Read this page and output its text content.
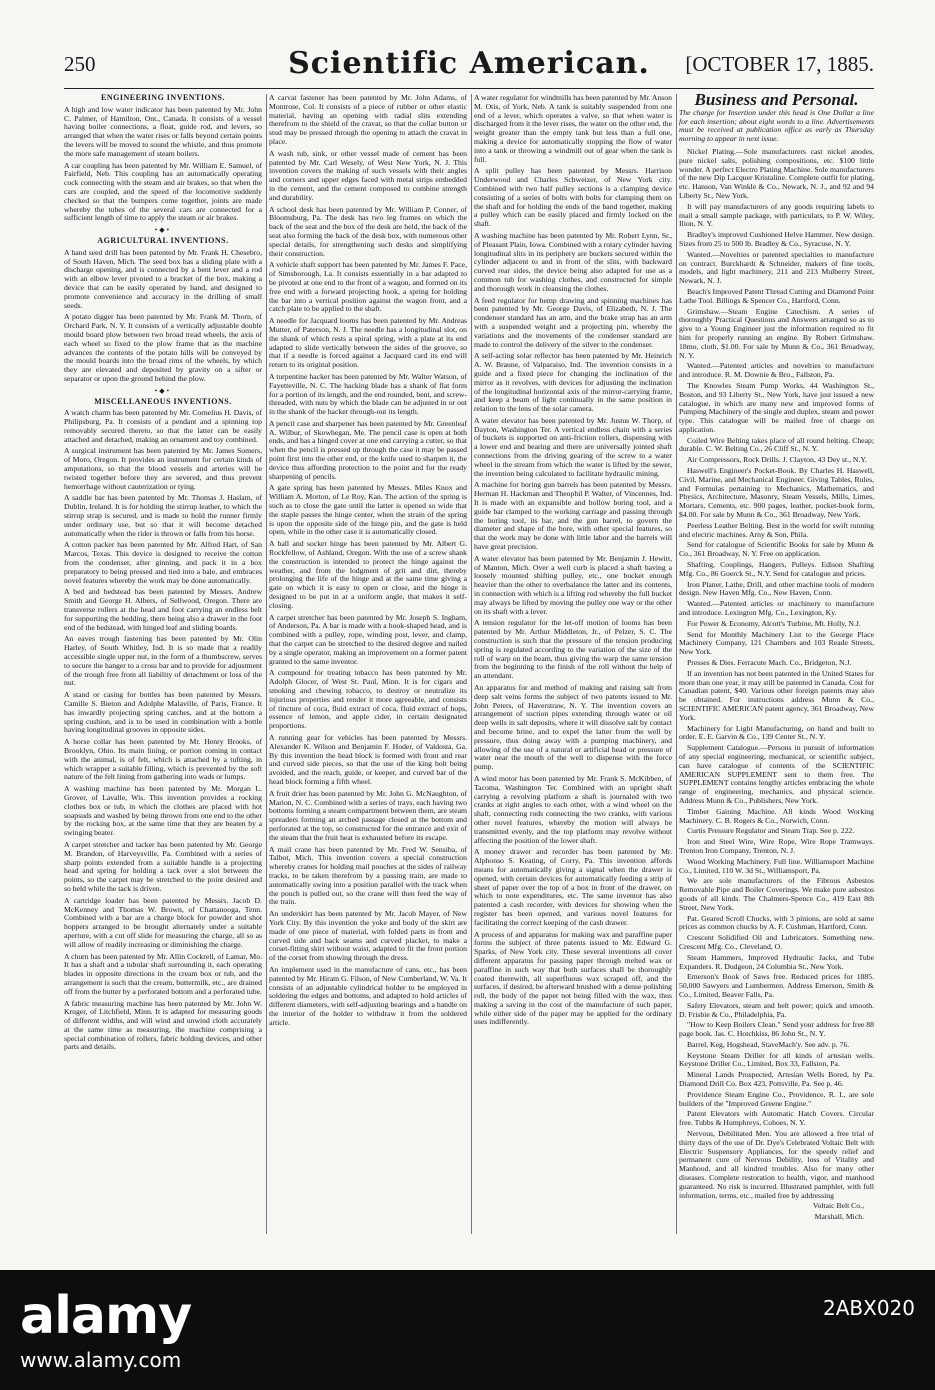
250	Scientific American.	[OCTOBER 17, 1885.
ENGINEERING INVENTIONS.

A high and low water indicator has been patented by Mr. John C. Palmer, of Hamilton, Ont., Canada. It consists of a vessel having boiler connections, a float, guide rod, and levers, so arranged that when the water rises or falls beyond certain points the levers will be moved to sound the whistle, and thus promote the more safe management of steam boilers.

A car coupling has been patented by Mr. William E. Samuel, of Fairfield, Neb. This coupling has an automatically operating cock connecting with the steam and air brakes, so that when the cars are coupled, and the speed of the locomotive suddenly checked so that the bumpers come together, joints are made whereby the tubes of the several cars are connected for a sufficient length of time to apply the steam or air brakes.

•◆•
AGRICULTURAL INVENTIONS.

A hand seed drill has been patented by Mr. Frank H. Chesebro, of South Haven, Mich. The seed box has a sliding plate with a discharge opening, and is connected by a bent lever and a rod with an elbow lever pivoted to a bracket of the box, making a device that can be easily operated by hand, and designed to promote convenience and accuracy in the drilling of small seeds.

A potato digger has been patented by Mr. Frank M. Thorn, of Orchard Park, N. Y. It consists of a vertically adjustable double mould board plow between two broad tread wheels, the axis of each wheel so fixed to the plow frame that as the machine advances the contents of the potato hills will be conveyed by the mould boards into the broad rims of the wheels, by which they are elevated and deposited by gravity on a sifter or separator or upon the ground behind the plow.

•◆•
MISCELLANEOUS INVENTIONS.

A watch charm has been patented by Mr. Cornelius H. Davis, of Philipsburg, Pa. It consists of a pendant and a spinning top removably secured thereto, so that the latter can be easily attached and detached, making an ornament and toy combined.

A surgical instrument has been patented by Mr. James Somers, of Moro, Oregon. It provides an instrument for certain kinds of amputations, so that the blood vessels and arteries will be twisted together before they are severed, and thus prevent hemorrhage without cauterization or tying.

A saddle bar has been patented by Mr. Thomas J. Haslam, of Dublin, Ireland. It is for holding the stirrup leather, to which the stirrup strap is secured, and is made to hold the runner firmly under ordinary use, but so that it will become detached automatically when the rider is thrown or falls from his horse.

A cotton packer has been patented by Mr. Alfred Hart, of San Marcos, Texas. This device is designed to receive the cotton from the condenser, after ginning, and pack it in a box preparatory to being pressed and tied into a bale, and embraces novel features whereby the work may be done automatically.

A bed and bedstead has been patented by Messrs. Andrew Smith and George H. Albers, of Sellwood, Oregon. There are transverse rollers at the head and foot carrying an endless belt for supporting the bedding, there being also a drawer in the foot end of the bedstead, with hinged leaf and sliding boards.

An eaves trough fastening has been patented by Mr. Olin Harley, of South Whitley, Ind. It is so made that a readily accessible single upper nut, in the form of a thumbscrew, serves to secure the hanger to a cross bar and to provide for adjustment of the trough free from all liability of detachment or loss of the nut.

A stand or casing for bottles has been patented by Messrs. Camille S. Bieton and Adolphe Malaville, of Paris, France. It has inwardly projecting spring catches, and at the bottom a spring cushion, and is to be used in combination with a bottle having longitudinal grooves in opposite sides.

A horse collar has been patented by Mr. Henry Brooks, of Brooklyn, Ohio. Its main lining, or portion coming in contact with the animal, is of felt, which is attached by a tufting, in which wrapper a suitable filling, which is prevented by the soft nature of the felt lining from gathering into wads or lumps.

A washing machine has been patented by Mr. Morgan L. Grover, of Lavalle, Wis. This invention provides a rocking clothes box or tub, in which the clothes are placed with hot soapsuds and washed by being thrown from one end to the other by the rocking box, at the same time that they are beaten by a swinging beater.

A carpet stretcher and tacker has been patented by Mr. George M. Brandon, of Harveysville, Pa. Combined with a series of sharp points extended from a suitable handle is a projecting head and spring for holding a tack over a slot between the points, so the carpet may be stretched to the point desired and so held while the tack is driven.

A cartridge loader has been patented by Messrs. Jacob D. McKenney and Thomas W. Brown, of Chattanooga, Tenn. Combined with a bar are a charge block for powder and shot hoppers arranged to be brought alternately under a suitable aperture, with a cut off slide for measuring the charge, all so as will allow of readily increasing or diminishing the charge.

A churn has been patented by Mr. Allin Cockrell, of Lamar, Mo. It has a shaft and a tubular shaft surrounding it, each operating blades in opposite directions in the cream box or tub, and the arrangement is such that the cream, buttermilk, etc., are drained off from the butter by a perforated bottom and a perforated tube.

A fabric measuring machine has been patented by Mr. John W. Kruger, of Litchfield, Minn. It is adapted for measuring goods of different widths, and will wind and unwind cloth accurately at the same time as measuring, the machine comprising a special combination of rollers, fabric holding devices, and other parts and details.

A carvat fastener has been patented by Mr. John Adams, of Montrose, Col. It consists of a piece of rubber or other elastic material, having an opening with radial slits extending therefrom to the shield of the cravat, so that the collar button or stud may be pressed through the opening to attach the cravat in place.

A wash tub, sink, or other vessel made of cement has been patented by Mr. Carl Wesely, of West New York, N. J. This invention covers the making of such vessels with their angles and corners and upper edges faced with metal strips embedded in the cement, and the cement composed to combine strength and durability.

A school desk has been patented by Mr. William P. Conner, of Bloomsburg, Pa. The desk has two leg frames on which the back of the seat and the box of the desk are held, the back of the seat also forming the back of the desk box, with numerous other special details, for strengthening such desks and simplifying their construction.

A vehicle shaft support has been patented by Mr. James F. Pace, of Simsborough, La. It consists essentially in a bar adapted to be pivoted at one end to the front of a wagon, and formed on its free end with a forward projecting hook, a spring for holding the bar into a vertical position against the wagon front, and a catch plate to be applied to the shaft.

A needle for Jacquard looms has been patented by Mr. Andreas Mutter, of Paterson, N. J. The needle has a longitudinal slot, on the shank of which rests a spiral spring, with a plate at its end adapted to slide vertically between the sides of the groove, so that if a needle is forced against a Jacquard card its end will return to its original position.

A turpentine hacker has been patented by Mr. Walter Watson, of Fayetteville, N. C. The hacking blade has a shank of flat form for a portion of its length, and the end rounded, bent, and screw-threaded, with nuts by which the blade can be adjusted in or out in the shank of the hacker through-out its length.

A pencil case and sharpener has been patented by Mr. Greenleaf A. Wilbur, of Skowhegan, Me. The pencil case is open at both ends, and has a hinged cover at one end carrying a cutter, so that when the pencil is pressed up through the case it may be passed point first into the other end, or the knife used to sharpen it, the device thus affording protection to the point and for the ready sharpening of pencils.

A gate spring has been patented by Messrs. Miles Knox and William A. Morton, of Le Roy, Kan. The action of the spring is such as to close the gate until the latter is opened so wide that the staple passes the hinge center, when the strain of the spring is upon the opposite side of the hinge pin, and the gate is held open, while in the other case it is automatically closed.

A ball and socket hinge has been patented by Mr. Albert G. Rockfellow, of Ashland, Oregon. With the use of a screw shank the construction is intended to protect the hinge against the weather, and from the lodgment of grit and dirt, thereby prolonging the life of the hinge and at the same time giving a gate on which it is easy to open or close, and the hinge is designed to be put in at a uniform angle, that makes it self-closing.

A carpet stretcher has been patented by Mr. Joseph S. Ingham, of Anderson, Pa. A bar is made with a hook-shaped head, and is combined with a pulley, rope, winding post, lever, and clamp, that the carpet can be stretched to the desired degree and nailed by a single operator, making an improvement on a former patent granted to the same inventor.

A compound for treating tobacco has been patented by Mr. Adolph Glocer, of West St. Paul, Minn. It is for cigars and smoking and chewing tobacco, to destroy or neutralize its injurious properties and render it more agreeable, and consists of tincture of coca, fluid extract of coca, fluid extract of hops, essence of lemon, and apple cider, in certain designated proportions.

A running gear for vehicles has been patented by Messrs. Alexander K. Wilson and Benjamin F. Hoder, of Valdosta, Ga. By this invention the head block is formed with front and rear and curved side pieces, so that the use of the king bolt being avoided, and the reach, guide, or keeper, and curved bar of the head block forming a fifth wheel.

A fruit drier has been patented by Mr. John G. McNaughton, of Marion, N. C. Combined with a series of trays, each having two bottoms forming a steam compartment between them, are steam spreaders forming an arched passage closed at the bottom and perforated at the top, so constructed for the entrance and exit of the steam that the fruit heat is exhausted before its escape.

A mail crane has been patented by Mr. Fred W. Sensiba, of Talbot, Mich. This invention covers a special construction whereby cranes for holding mail pouches at the sides of railway tracks, to be taken therefrom by a passing train, are made to automatically swing into a position parallel with the track when the pouch is pulled out, so the crane will then feed the way of the train.

An underskirt has been patented by Mr. Jacob Mayer, of New York City. By this invention the yoke and body of the skirt are made of one piece of material, with folded parts in front and curved side and back seams and curved placket, to make a corset-fitting skirt without waist, adapted to fit the front portion of the corset from showing through the dress.

An implement used in the manufacture of cans, etc., has been patented by Mr. Hiram G. Filson, of New Cumberland, W. Va. It consists of an adjustable cylindrical holder to be employed in soldering the edges and bottoms, and adapted to hold articles of different diameters, with self-adjusting bearings and a handle on the interior of the holder to withdraw it from the soldered article.

A water regulator for windmills has been patented by Mr. Anson M. Otis, of York, Neb. A tank is suitably suspended from one end of a lever, which operates a valve, so that when water is discharged from it the lever rises, the water on the other end, the weight greater than the empty tank but less than a full one, making a device for automatically stopping the flow of water into a tank or throwing a windmill out of gear when the tank is full.

A split pulley has been patented by Messrs. Harrison Underwood and Charles Schweizer, of New York city. Combined with two half pulley sections is a clamping device consisting of a series of bolts with bolts for clamping them on the shaft and for holding the ends of the band together, making a pulley which can be easily placed and firmly locked on the shaft.

A washing machine has been patented by Mr. Robert Lynn, Sr., of Pleasant Plain, Iowa. Combined with a rotary cylinder having longitudinal slits in its periphery are buckets secured within the cylinder adjacent to and in front of the slits, with backward curved rear sides, the device being also adapted for use as a common tub for washing clothes, and constructed for simple and thorough work in cleansing the clothes.

A feed regulator for hemp drawing and spinning machines has been patented by Mr. George Davis, of Elizabeth, N. J. The condenser standard has an arm, and the brake strap has an arm with a suspended weight and a projecting pin, whereby the variations and the movements of the condenser standard are made to control the delivery of the silver to the condenser.

A self-acting solar reflector has been patented by Mr. Heinrich A. W. Braune, of Valparaiso, Ind. The invention consists in a guide and a fixed piece for changing the inclination of the mirror as it revolves, with devices for adjusting the inclination of the longitudinal horizontal axis of the mirror-carrying frame, and keep a beam of light continually in the same position in relation to the lens of the solar camera.

A water elevator has been patented by Mr. Justus W. Thorp, of Dayton, Washington Ter. A vertical endless chain with a series of buckets is supported on anti-friction rollers, dispensing with a lower end and bearing and there are universally jointed shaft connections from the driving gearing of the screw to a water wheel in the stream from which the water is lifted by the sewer, the invention being calculated to facilitate hydraulic mining.

A machine for boring gun barrels has been patented by Messrs. Herman H. Hackman and Theophil P. Walter, of Vincennes, Ind. It is made with an expansible and hollow boring tool, and a guide bar clamped to the working carriage and passing through the boring tool, its bar, and the gun barrel, to govern the diameter and shape of the bore, with other special features, so that the work may be done with little labor and the barrels will have great precision.

A water elevator has been patented by Mr. Benjamin J. Hewitt, of Manton, Mich. Over a well curb is placed a shaft having a loosely mounted shifting pulley, etc., one bucket enough heavier than the other to overbalance the latter and its contents, in connection with which is a lifting rod whereby the full bucket may always be lifted by moving the pulley one way or the other on its shaft with a lever.

A tension regulator for the let-off motion of looms has been patented by Mr. Arthur Middleton, Jr., of Pelzer, S. C. The construction is such that the pressure of the tension producing spring is regulated according to the variation of the size of the roll of warp on the beam, thus giving the warp the same tension from the beginning to the finish of the roll without the help of an attendant.

An apparatus for and method of making and raising salt from deep salt veins forms the subject of two patents issued to Mr. John Peters, of Haverstraw, N. Y. The invention covers an arrangement of suction pipes extending through water or oil deep wells in salt deposits, where it will dissolve salt by contact and become brine, and to expel the latter from the well by pressure, thus doing away with a pumping machinery, and allowing of the use of a natural or artificial head or pressure of water near the mouth of the well to dispense with the force pump.

A wind motor has been patented by Mr. Frank S. McKibben, of Tacoma, Washington Ter. Combined with an upright shaft carrying a revolving platform a shaft is journaled with two cranks at right angles to each other, with a wind wheel on the shaft, connecting rods connecting the two cranks, with various other novel features, whereby the motion will always be transmitted evenly, and the top platform may revolve without affecting the position of the lower shaft.

A money drawer and recorder has been patented by Mr. Alphonso S. Keating, of Corry, Pa. This invention affords means for automatically giving a signal when the drawer is opened, with certain devices for automatically feeding a strip of sheet of paper over the top of a box in front of the drawer, on which to note expenditures, etc. The same inventor has also patented a cash recorder, with devices for showing when the register has been opened, and various novel features for facilitating the correct keeping of the cash drawer.

A process of and apparatus for making wax and paraffine paper forms the subject of three patents issued to Mr. Edward G. Sparks, of New York city. These several inventions all cover different apparatus for passing paper through melted wax or paraffine in such way that both surfaces shall be thoroughly coated therewith, all superfluous wax scraped off, and the surfaces, if desired, be afterward brushed with a dense polishing roll, the body of the paper not being filled with the wax, thus making a saving in the cost of the manufacture of such paper, while either side of the paper may be applied for the ordinary uses indifferently.

Business and Personal.

The charge for Insertion under this head is One Dollar a line for each insertion; about eight words to a line. Advertisements must be received at publication office as early as Thursday morning to appear in next issue.

Nickel Plating.—Sole manufacturers cast nickel anodes, pure nickel salts, polishing compositions, etc. $100 little wonder. A perfect Electro Plating Machine. Sole manufacturers of the new Dip Lacquer Kristaline. Complete outfit for plating, etc. Hanson, Van Winkle & Co., Newark, N. J., and 92 and 94 Liberty St., New York.

It will pay manufacturers of any goods requiring labels to mail a small sample package, with particulars, to P. W. Wiley, Ilion, N. Y.

Bradley's improved Cushioned Helve Hammer. New design. Sizes from 25 to 500 lb. Bradley & Co., Syracuse, N. Y.

Wanted.—Novelties or patented specialties to manufacture on contract. Burckhardt & Schneider, makers of fine tools, models, and light machinery, 211 and 213 Mulberry Street, Newark, N. J.

Beach's Improved Patent Thread Cutting and Diamond Point Lathe Tool. Billings & Spencer Co., Hartford, Conn.

Grimshaw.—Steam Engine Catechism. A series of thoroughly Practical Questions and Answers arranged so as to give to a Young Engineer just the information required to fit him for properly running an engine. By Robert Grimshaw. 18mo, cloth, $1.00. For sale by Munn & Co., 361 Broadway, N. Y.

Wanted.—Patented articles and novelties to manufacture and introduce. R. M. Downie & Bro., Fallston, Pa.

The Knowles Steam Pump Works, 44 Washington St., Boston, and 93 Liberty St., New York, have just issued a new catalogue, in which are many new and improved forms of Pumping Machinery of the single and duplex, steam and power type. This catalogue will be mailed free of charge on application.

Coiled Wire Belting takes place of all round belting. Cheap; durable. C. W. Belting Co., 26 Cliff St., N. Y.

Air Compressors, Rock Drills. J. Clayton, 43 Dey st., N.Y.

Haswell's Engineer's Pocket-Book. By Charles H. Haswell, Civil, Marine, and Mechanical Engineer. Giving Tables, Rules, and Formulas pertaining to Mechanics, Mathematics, and Physics, Architecture, Masonry, Steam Vessels, Mills, Limes, Mortars, Cements, etc. 900 pages, leather, pocket-book form, $4.00. For sale by Munn & Co., 361 Broadway, New York.

Peerless Leather Belting. Best in the world for swift running and electric machines. Arny & Son, Phila.

Send for catalogue of Scientific Books for sale by Munn & Co., 361 Broadway, N. Y. Free on application.

Shafting, Couplings, Hangers, Pulleys. Edison Shafting Mfg. Co., 86 Goerck St., N.Y. Send for catalogue and prices.

Iron Planer, Lathe, Drill, and other machine tools of modern design. New Haven Mfg. Co., New Haven, Conn.

Wanted.—Patented articles or machinery to manufacture and introduce. Lexington Mfg. Co., Lexington, Ky.

For Power & Economy, Alcott's Turbine, Mt. Holly, N.J.

Send for Monthly Machinery List to the George Place Machinery Company, 121 Chambers and 103 Reade Streets, New York.

Presses & Dies. Ferracute Mach. Co., Bridgeton, N.J.

If an invention has not been patented in the United States for more than one year, it may still be patented in Canada. Cost for Canadian patent, $40. Various other foreign patents may also be obtained. For instructions address Munn & Co., SCIENTIFIC AMERICAN patent agency, 361 Broadway, New York.

Machinery for Light Manufacturing, on hand and built to order. E. E. Garvin & Co., 139 Center St., N. Y.

Supplement Catalogue.—Persons in pursuit of information of any special engineering, mechanical, or scientific subject, can have catalogue of contents of the SCIENTIFIC AMERICAN SUPPLEMENT sent to them free. The SUPPLEMENT contains lengthy articles embracing the whole range of engineering, mechanics, and physical science. Address Munn & Co., Publishers, New York.

Timber Gaining Machine. All kinds Wood Working Machinery. C. B. Rogers & Co., Norwich, Conn.

Curtis Pressure Regulator and Steam Trap. See p. 222.

Iron and Steel Wire, Wire Rope, Wire Rope Tramways. Trenton Iron Company, Trenton, N. J.

Wood Working Machinery. Full line. Williamsport Machine Co., Limited, 110 W. 3d St., Williamsport, Pa.

We are sole manufacturers of the Fibrous Asbestos Removable Pipe and Boiler Coverings. We make pure asbestos goods of all kinds. The Chalmers-Spence Co., 419 East 8th Street, New York.

Pat. Geared Scroll Chucks, with 3 pinions, are sold at same prices as common chucks by A. F. Cushman, Hartford, Conn.

Crescent Solidified Oil and Lubricators. Something new. Crescent Mfg. Co., Cleveland, O.

Steam Hammers, Improved Hydraulic Jacks, and Tube Expanders. R. Dudgeon, 24 Columbia St., New York.

Emerson's Book of Saws free. Reduced prices for 1885. 50,000 Sawyers and Lumbermen. Address Emerson, Smith & Co., Limited, Beaver Falls, Pa.

Safety Elevators, steam and belt power; quick and smooth. D. Frisbie & Co., Philadelphia, Pa.

"How to Keep Boilers Clean." Send your address for free 88 page book. Jas. C. Hotchkiss, 86 John St., N. Y.

Barrel, Keg, Hogshead, StaveMach'y. See adv. p. 76.

Keystone Steam Driller for all kinds of artesian wells. Keystone Driller Co., Limited, Box 33, Fallston, Pa.

Mineral Lands Prospected, Artesian Wells Bored, by Pa. Diamond Drill Co. Box 423, Pottsville, Pa. See p. 46.

Providence Steam Engine Co., Providence, R. I., are sole builders of the "Improved Greene Engine."

Patent Elevators with Automatic Hatch Covers. Circular free. Tubbs & Humphreys, Cohoes, N. Y.

Nervous, Debilitated Men. You are allowed a free trial of thirty days of the use of Dr. Dye's Celebrated Voltaic Belt with Electric Suspensory Appliances, for the speedy relief and permanent cure of Nervous Debility, loss of Vitality and Manhood, and all kindred troubles. Also for many other diseases. Complete restoration to health, vigor, and manhood guaranteed. No risk is incurred. Illustrated pamphlet, with full information, terms, etc., mailed free by addressing

Voltaic Belt Co.,
Marshall, Mich.
alamy	2ABX020
www.alamy.com
